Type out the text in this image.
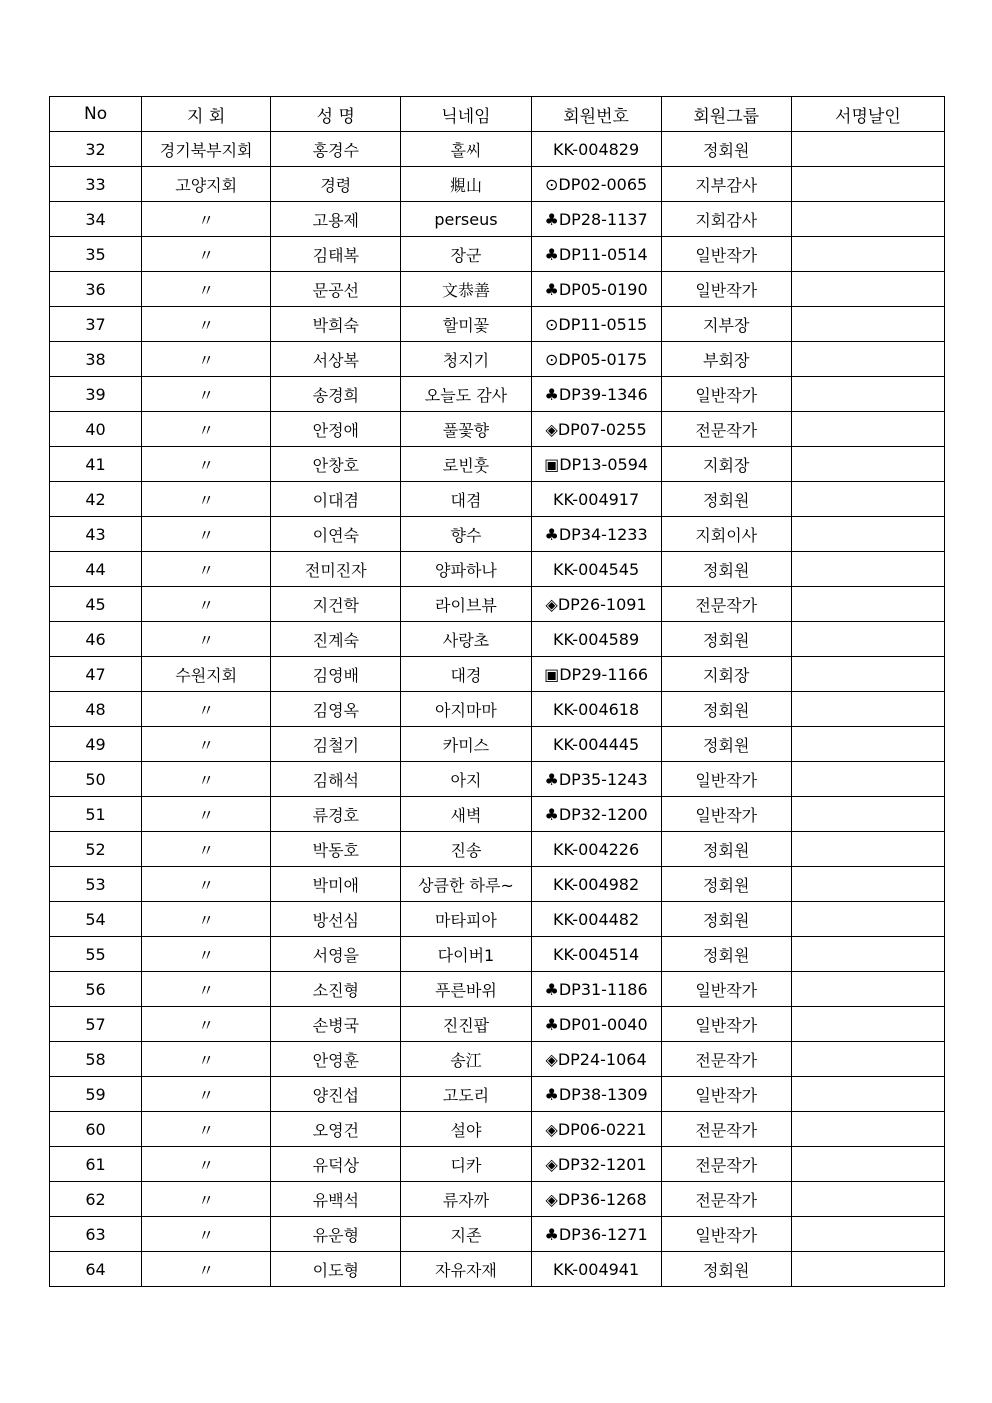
No	지 회	성 명	닉네임	회원번호	회원그룹	서명날인
32	경기북부지회	홍경수	홀씨	KK-004829	정회원	
33	고양지회	경령	覜山	⊙DP02-0065	지부감사	
34	〃	고용제	perseus	♣DP28-1137	지회감사	
35	〃	김태복	장군	♣DP11-0514	일반작가	
36	〃	문공선	文恭善	♣DP05-0190	일반작가	
37	〃	박희숙	할미꽃	⊙DP11-0515	지부장	
38	〃	서상복	청지기	⊙DP05-0175	부회장	
39	〃	송경희	오늘도 감사	♣DP39-1346	일반작가	
40	〃	안정애	풀꽃향	◈DP07-0255	전문작가	
41	〃	안창호	로빈훗	▣DP13-0594	지회장	
42	〃	이대겸	대겸	KK-004917	정회원	
43	〃	이연숙	향수	♣DP34-1233	지회이사	
44	〃	전미진자	양파하나	KK-004545	정회원	
45	〃	지건학	라이브뷰	◈DP26-1091	전문작가	
46	〃	진계숙	사랑초	KK-004589	정회원	
47	수원지회	김영배	대경	▣DP29-1166	지회장	
48	〃	김영옥	아지마마	KK-004618	정회원	
49	〃	김철기	카미스	KK-004445	정회원	
50	〃	김해석	아지	♣DP35-1243	일반작가	
51	〃	류경호	새벽	♣DP32-1200	일반작가	
52	〃	박동호	진송	KK-004226	정회원	
53	〃	박미애	상큼한 하루~	KK-004982	정회원	
54	〃	방선심	마타피아	KK-004482	정회원	
55	〃	서영을	다이버1	KK-004514	정회원	
56	〃	소진형	푸른바위	♣DP31-1186	일반작가	
57	〃	손병국	진진팝	♣DP01-0040	일반작가	
58	〃	안영훈	송江	◈DP24-1064	전문작가	
59	〃	양진섭	고도리	♣DP38-1309	일반작가	
60	〃	오영건	설야	◈DP06-0221	전문작가	
61	〃	유덕상	디카	◈DP32-1201	전문작가	
62	〃	유백석	류자까	◈DP36-1268	전문작가	
63	〃	유운형	지존	♣DP36-1271	일반작가	
64	〃	이도형	자유자재	KK-004941	정회원	
